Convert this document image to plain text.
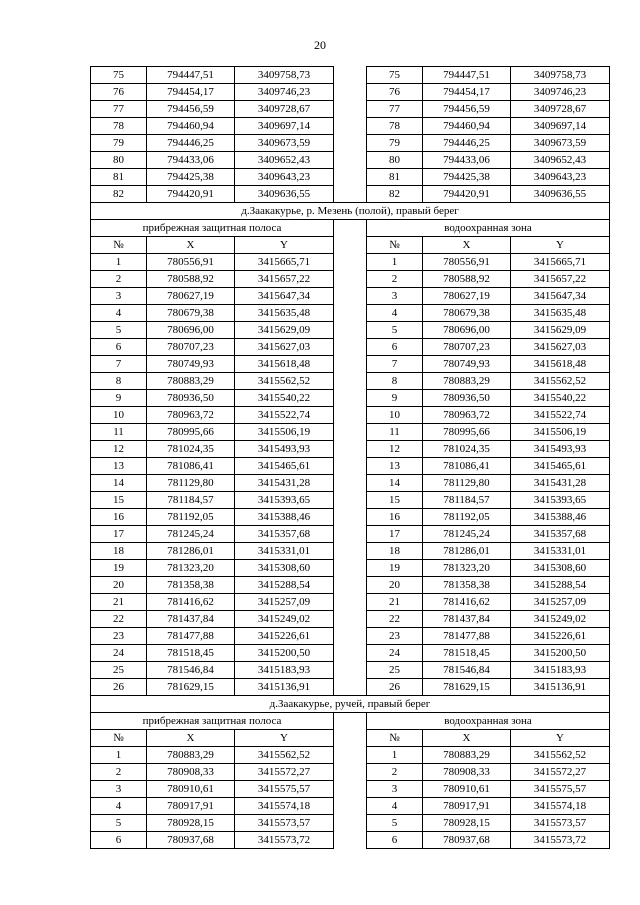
20
75	794447,51	3409758,73		75	794447,51	3409758,73
76	794454,17	3409746,23		76	794454,17	3409746,23
77	794456,59	3409728,67		77	794456,59	3409728,67
78	794460,94	3409697,14		78	794460,94	3409697,14
79	794446,25	3409673,59		79	794446,25	3409673,59
80	794433,06	3409652,43		80	794433,06	3409652,43
81	794425,38	3409643,23		81	794425,38	3409643,23
82	794420,91	3409636,55		82	794420,91	3409636,55
д.Заакакурье, р. Мезень (полой), правый берег						
прибрежная защитная полоса				водоохранная зона		
№	X	Y		№	X	Y
1	780556,91	3415665,71		1	780556,91	3415665,71
2	780588,92	3415657,22		2	780588,92	3415657,22
3	780627,19	3415647,34		3	780627,19	3415647,34
4	780679,38	3415635,48		4	780679,38	3415635,48
5	780696,00	3415629,09		5	780696,00	3415629,09
6	780707,23	3415627,03		6	780707,23	3415627,03
7	780749,93	3415618,48		7	780749,93	3415618,48
8	780883,29	3415562,52		8	780883,29	3415562,52
9	780936,50	3415540,22		9	780936,50	3415540,22
10	780963,72	3415522,74		10	780963,72	3415522,74
11	780995,66	3415506,19		11	780995,66	3415506,19
12	781024,35	3415493,93		12	781024,35	3415493,93
13	781086,41	3415465,61		13	781086,41	3415465,61
14	781129,80	3415431,28		14	781129,80	3415431,28
15	781184,57	3415393,65		15	781184,57	3415393,65
16	781192,05	3415388,46		16	781192,05	3415388,46
17	781245,24	3415357,68		17	781245,24	3415357,68
18	781286,01	3415331,01		18	781286,01	3415331,01
19	781323,20	3415308,60		19	781323,20	3415308,60
20	781358,38	3415288,54		20	781358,38	3415288,54
21	781416,62	3415257,09		21	781416,62	3415257,09
22	781437,84	3415249,02		22	781437,84	3415249,02
23	781477,88	3415226,61		23	781477,88	3415226,61
24	781518,45	3415200,50		24	781518,45	3415200,50
25	781546,84	3415183,93		25	781546,84	3415183,93
26	781629,15	3415136,91		26	781629,15	3415136,91
д.Заакакурье, ручей, правый берег						
прибрежная защитная полоса				водоохранная зона		
№	X	Y		№	X	Y
1	780883,29	3415562,52		1	780883,29	3415562,52
2	780908,33	3415572,27		2	780908,33	3415572,27
3	780910,61	3415575,57		3	780910,61	3415575,57
4	780917,91	3415574,18		4	780917,91	3415574,18
5	780928,15	3415573,57		5	780928,15	3415573,57
6	780937,68	3415573,72		6	780937,68	3415573,72
